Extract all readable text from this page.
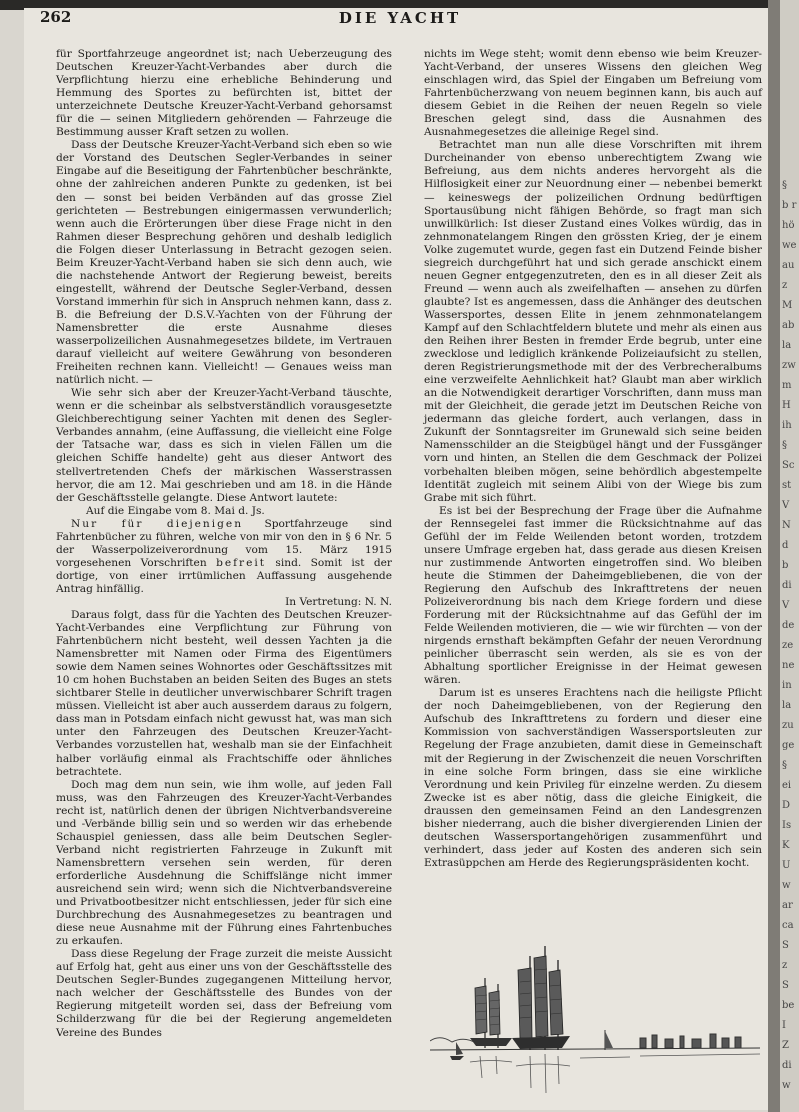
§
b r
hö
we
au
z
M
ab
la
zw
m
H
ih
§
Sc
st
V
N
d
b
di
V
de
ze
ne
in
la
zu
ge
§
ei
D
Is
K
U
w
ar
ca
S
z
S
be
I
Z
di
w
262	DIE YACHT

für Sportfahrzeuge angeordnet ist; nach Ueberzeugung des Deutschen Kreuzer-Yacht-Verbandes aber durch die Verpflichtung hierzu eine erhebliche Behinderung und Hemmung des Sportes zu befürchten ist, bittet der unterzeichnete Deutsche Kreuzer-Yacht-Verband gehorsamst für die — seinen Mitgliedern gehörenden — Fahrzeuge die Bestimmung ausser Kraft setzen zu wollen.

Dass der Deutsche Kreuzer-Yacht-Verband sich eben so wie der Vorstand des Deutschen Segler-Verbandes in seiner Eingabe auf die Beseitigung der Fahrtenbücher beschränkte, ohne der zahlreichen anderen Punkte zu gedenken, ist bei den — sonst bei beiden Verbänden auf das grosse Ziel gerichteten — Bestrebungen einigermassen verwunderlich; wenn auch die Erörterungen über diese Frage nicht in den Rahmen dieser Besprechung gehören und deshalb lediglich die Folgen dieser Unterlassung in Betracht gezogen seien. Beim Kreuzer-Yacht-Verband haben sie sich denn auch, wie die nachstehende Antwort der Regierung beweist, bereits eingestellt, während der Deutsche Segler-Verband, dessen Vorstand immerhin für sich in Anspruch nehmen kann, dass z. B. die Befreiung der D.S.V.-Yachten von der Führung der Namensbretter die erste Ausnahme dieses wasserpolizeilichen Ausnahmegesetzes bildete, im Vertrauen darauf vielleicht auf weitere Gewährung von besonderen Freiheiten rechnen kann. Vielleicht! — Genaues weiss man natürlich nicht. —

Wie sehr sich aber der Kreuzer-Yacht-Verband täuschte, wenn er die scheinbar als selbstverständlich vorausgesetzte Gleichberechtigung seiner Yachten mit denen des Segler-Verbandes annahm, (eine Auffassung, die vielleicht eine Folge der Tatsache war, dass es sich in vielen Fällen um die gleichen Schiffe handelte) geht aus dieser Antwort des stellvertretenden Chefs der märkischen Wasserstrassen hervor, die am 12. Mai geschrieben und am 18. in die Hände der Geschäftsstelle gelangte. Diese Antwort lautete:

Auf die Eingabe vom 8. Mai d. Js.

Nur für diejenigen Sportfahrzeuge sind Fahrtenbücher zu führen, welche von mir von den in § 6 Nr. 5 der Wasserpolizeiverordnung vom 15. März 1915 vorgesehenen Vorschriften befreit sind. Somit ist der dortige, von einer irrtümlichen Auffassung ausgehende Antrag hinfällig.

In Vertretung: N. N.

Daraus folgt, dass für die Yachten des Deutschen Kreuzer-Yacht-Verbandes eine Verpflichtung zur Führung von Fahrtenbüchern nicht besteht, weil dessen Yachten ja die Namensbretter mit Namen oder Firma des Eigentümers sowie dem Namen seines Wohnortes oder Geschäftssitzes mit 10 cm hohen Buchstaben an beiden Seiten des Buges an stets sichtbarer Stelle in deutlicher unverwischbarer Schrift tragen müssen. Vielleicht ist aber auch ausserdem daraus zu folgern, dass man in Potsdam einfach nicht gewusst hat, was man sich unter den Fahrzeugen des Deutschen Kreuzer-Yacht-Verbandes vorzustellen hat, weshalb man sie der Einfachheit halber vorläufig einmal als Frachtschiffe oder ähnliches betrachtete.

Doch mag dem nun sein, wie ihm wolle, auf jeden Fall muss, was den Fahrzeugen des Kreuzer-Yacht-Verbandes recht ist, natürlich denen der übrigen Nichtverbandsvereine und -Verbände billig sein und so werden wir das erhebende Schauspiel geniessen, dass alle beim Deutschen Segler-Verband nicht registrierten Fahrzeuge in Zukunft mit Namensbrettern versehen sein werden, für deren erforderliche Ausdehnung die Schiffslänge nicht immer ausreichend sein wird; wenn sich die Nichtverbandsvereine und Privatbootbesitzer nicht entschliessen, jeder für sich eine Durchbrechung des Ausnahmegesetzes zu beantragen und diese neue Ausnahme mit der Führung eines Fahrtenbuches zu erkaufen.

Dass diese Regelung der Frage zurzeit die meiste Aussicht auf Erfolg hat, geht aus einer uns von der Geschäftsstelle des Deutschen Segler-Bundes zugegangenen Mitteilung hervor, nach welcher der Geschäftsstelle des Bundes von der Regierung mitgeteilt worden sei, dass der Befreiung vom Schilderzwang für die bei der Regierung angemeldeten Vereine des Bundes

nichts im Wege steht; womit denn ebenso wie beim Kreuzer-Yacht-Verband, der unseres Wissens den gleichen Weg einschlagen wird, das Spiel der Eingaben um Befreiung vom Fahrtenbücherzwang von neuem beginnen kann, bis auch auf diesem Gebiet in die Reihen der neuen Regeln so viele Breschen gelegt sind, dass die Ausnahmen des Ausnahmegesetzes die alleinige Regel sind.

Betrachtet man nun alle diese Vorschriften mit ihrem Durcheinander von ebenso unberechtigtem Zwang wie Befreiung, aus dem nichts anderes hervorgeht als die Hilflosigkeit einer zur Neuordnung einer — nebenbei bemerkt — keineswegs der polizeilichen Ordnung bedürftigen Sportausübung nicht fähigen Behörde, so fragt man sich unwillkürlich: Ist dieser Zustand eines Volkes würdig, das in zehnmonatelangem Ringen den grössten Krieg, der je einem Volke zugemutet wurde, gegen fast ein Dutzend Feinde bisher siegreich durchgeführt hat und sich gerade anschickt einem neuen Gegner entgegenzutreten, den es in all dieser Zeit als Freund — wenn auch als zweifelhaften — ansehen zu dürfen glaubte? Ist es angemessen, dass die Anhänger des deutschen Wassersportes, dessen Elite in jenem zehnmonatelangem Kampf auf den Schlachtfeldern blutete und mehr als einen aus den Reihen ihrer Besten in fremder Erde begrub, unter eine zwecklose und lediglich kränkende Polizeiaufsicht zu stellen, deren Registrierungsmethode mit der des Verbrecheralbums eine verzweifelte Aehnlichkeit hat? Glaubt man aber wirklich an die Notwendigkeit derartiger Vorschriften, dann muss man mit der Gleichheit, die gerade jetzt im Deutschen Reiche von jedermann das gleiche fordert, auch verlangen, dass in Zukunft der Sonntagsreiter im Grunewald sich seine beiden Namensschilder an die Steigbügel hängt und der Fussgänger vorn und hinten, an Stellen die dem Geschmack der Polizei vorbehalten bleiben mögen, seine behördlich abgestempelte Identität zugleich mit seinem Alibi von der Wiege bis zum Grabe mit sich führt.

Es ist bei der Besprechung der Frage über die Aufnahme der Rennsegelei fast immer die Rücksichtnahme auf das Gefühl der im Felde Weilenden betont worden, trotzdem unsere Umfrage ergeben hat, dass gerade aus diesen Kreisen nur zustimmende Antworten eingetroffen sind. Wo bleiben heute die Stimmen der Daheimgebliebenen, die von der Regierung den Aufschub des Inkrafttretens der neuen Polizeiverordnung bis nach dem Kriege fordern und diese Forderung mit der Rücksichtnahme auf das Gefühl der im Felde Weilenden motivieren, die — wie wir fürchten — von der nirgends ernsthaft bekämpften Gefahr der neuen Verordnung peinlicher überrascht sein werden, als sie es von der Abhaltung sportlicher Ereignisse in der Heimat gewesen wären.

Darum ist es unseres Erachtens nach die heiligste Pflicht der noch Daheimgebliebenen, von der Regierung den Aufschub des Inkrafttretens zu fordern und dieser eine Kommission von sachverständigen Wassersportsleuten zur Regelung der Frage anzubieten, damit diese in Gemeinschaft mit der Regierung in der Zwischenzeit die neuen Vorschriften in eine solche Form bringen, dass sie eine wirkliche Verordnung und kein Privileg für einzelne werden. Zu diesem Zwecke ist es aber nötig, dass die gleiche Einigkeit, die draussen den gemeinsamen Feind an den Landesgrenzen bisher niederrang, auch die bisher divergierenden Linien der deutschen Wassersportangehörigen zusammenführt und verhindert, dass jeder auf Kosten des anderen sich sein Extrasüppchen am Herde des Regierungspräsidenten kocht.
